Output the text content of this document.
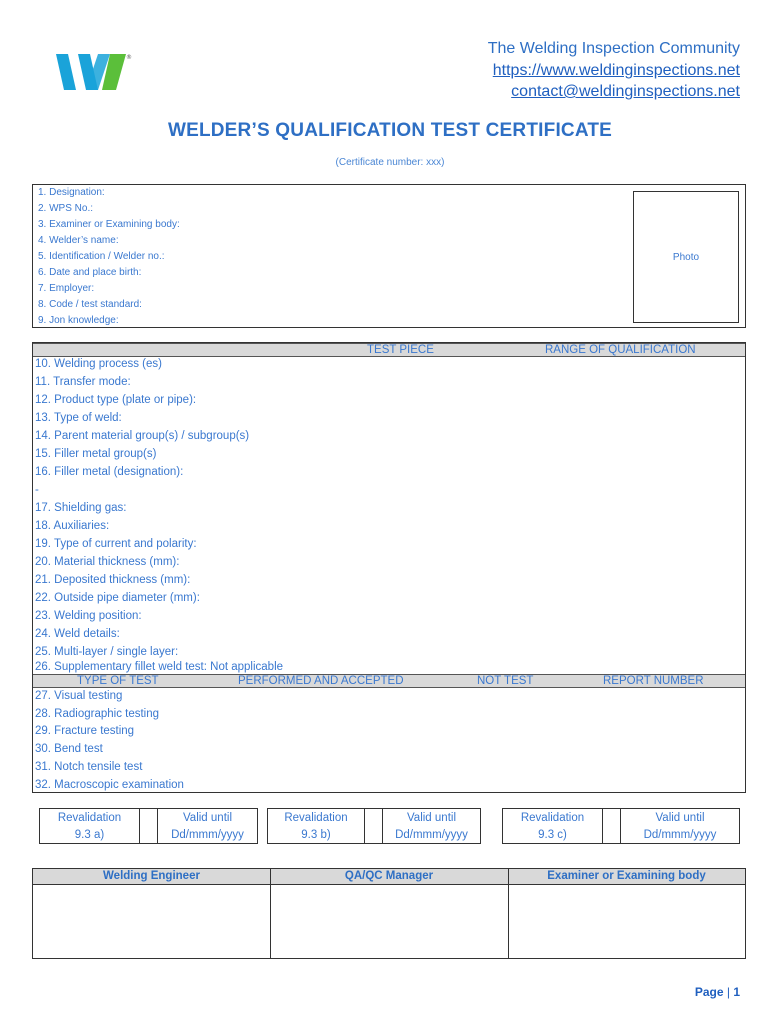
®
The Welding Inspection Community
https://www.weldinginspections.net
contact@weldinginspections.net
WELDER’S QUALIFICATION TEST CERTIFICATE
(Certificate number: xxx)
1. Designation:
2. WPS No.:
3. Examiner or Examining body:
4. Welder’s name:
5. Identification / Welder no.:
6. Date and place birth:
7. Employer:
8. Code / test standard:
9. Jon knowledge:
Photo
TEST PIECE	RANGE OF QUALIFICATION
10. Welding process (es)
11. Transfer mode:
12. Product type (plate or pipe):
13. Type of weld:
14. Parent material group(s) / subgroup(s)
15. Filler metal group(s)
16. Filler metal (designation):
-
17. Shielding gas:
18. Auxiliaries:
19. Type of current and polarity:
20. Material thickness (mm):
21. Deposited thickness (mm):
22. Outside pipe diameter (mm):
23. Welding position:
24. Weld details:
25. Multi-layer / single layer:
26. Supplementary fillet weld test: Not applicable
TYPE OF TEST	PERFORMED AND ACCEPTED	NOT TEST	REPORT NUMBER
27. Visual testing
28. Radiographic testing
29. Fracture testing
30. Bend test
31. Notch tensile test
32. Macroscopic examination
Revalidation
9.3 a)
Valid until
Dd/mmm/yyyy
Revalidation
9.3 b)
Valid until
Dd/mmm/yyyy
Revalidation
9.3 c)
Valid until
Dd/mmm/yyyy
Welding Engineer	QA/QC Manager	Examiner or Examining body
Page | 1
